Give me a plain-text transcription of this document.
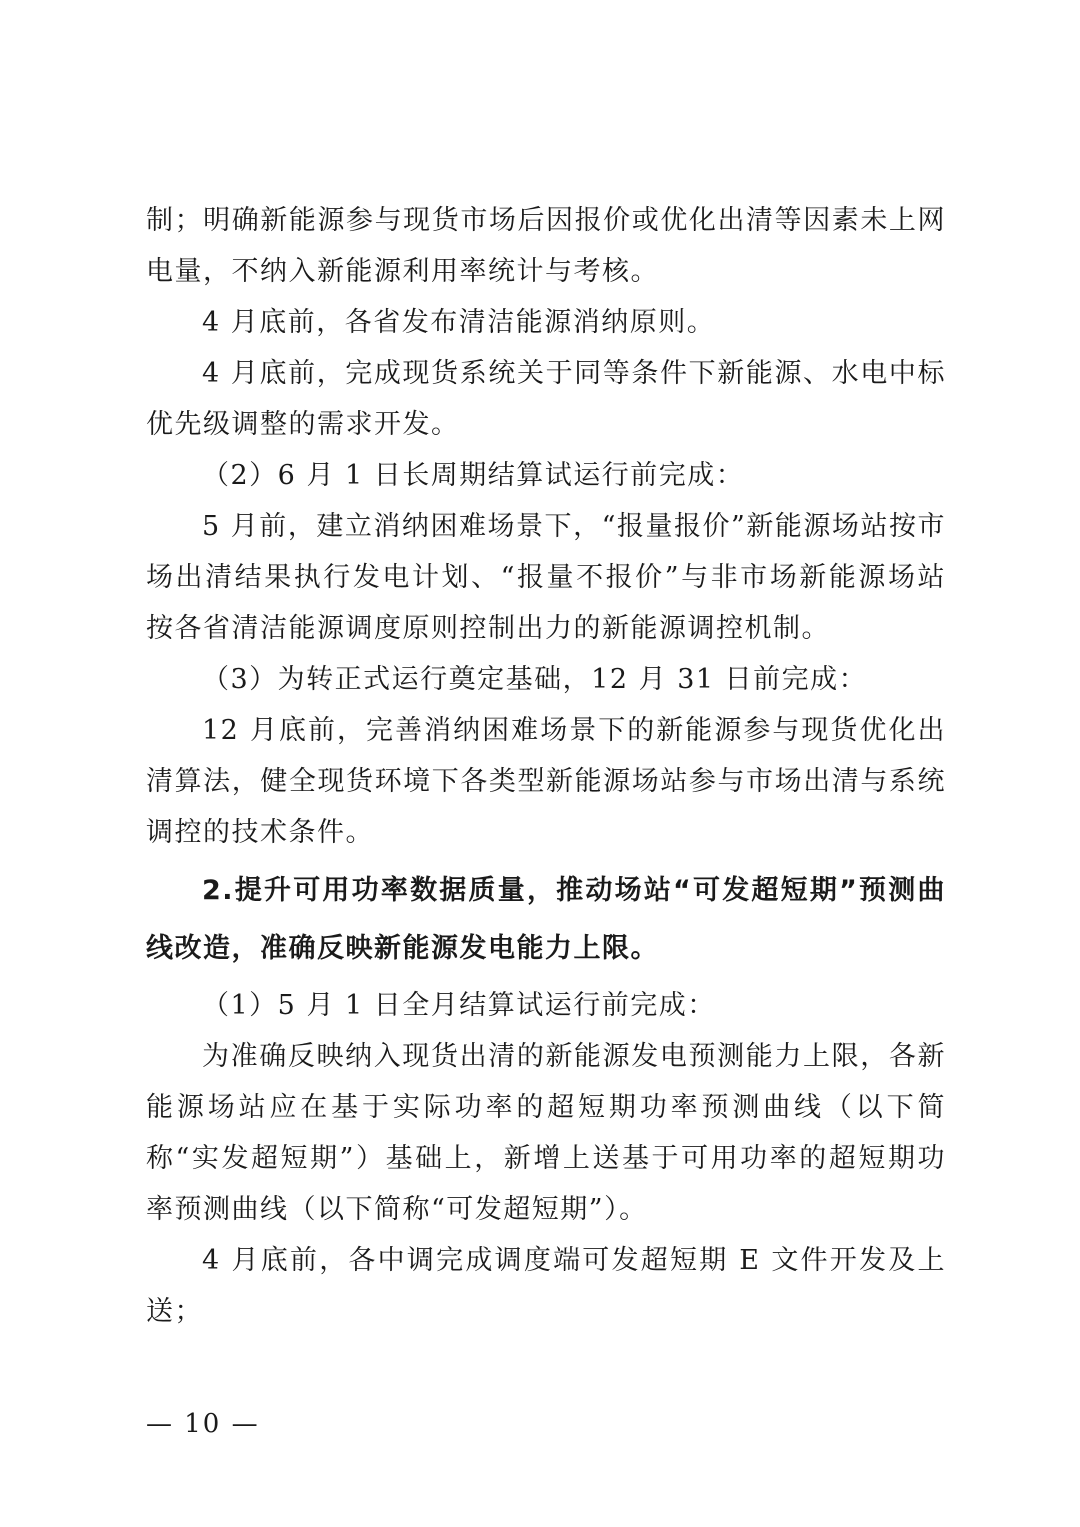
制；明确新能源参与现货市场后因报价或优化出清等因素未上网电量，不纳入新能源利用率统计与考核。

4 月底前，各省发布清洁能源消纳原则。

4 月底前，完成现货系统关于同等条件下新能源、水电中标优先级调整的需求开发。

（2）6 月 1 日长周期结算试运行前完成：

5 月前，建立消纳困难场景下，“报量报价”新能源场站按市场出清结果执行发电计划、“报量不报价”与非市场新能源场站按各省清洁能源调度原则控制出力的新能源调控机制。

（3）为转正式运行奠定基础，12 月 31 日前完成：

12 月底前，完善消纳困难场景下的新能源参与现货优化出清算法，健全现货环境下各类型新能源场站参与市场出清与系统调控的技术条件。

2.提升可用功率数据质量，推动场站“可发超短期”预测曲线改造，准确反映新能源发电能力上限。

（1）5 月 1 日全月结算试运行前完成：

为准确反映纳入现货出清的新能源发电预测能力上限，各新能源场站应在基于实际功率的超短期功率预测曲线（以下简称“实发超短期”）基础上，新增上送基于可用功率的超短期功率预测曲线（以下简称“可发超短期”）。

4 月底前，各中调完成调度端可发超短期 E 文件开发及上送；

— 10 —
